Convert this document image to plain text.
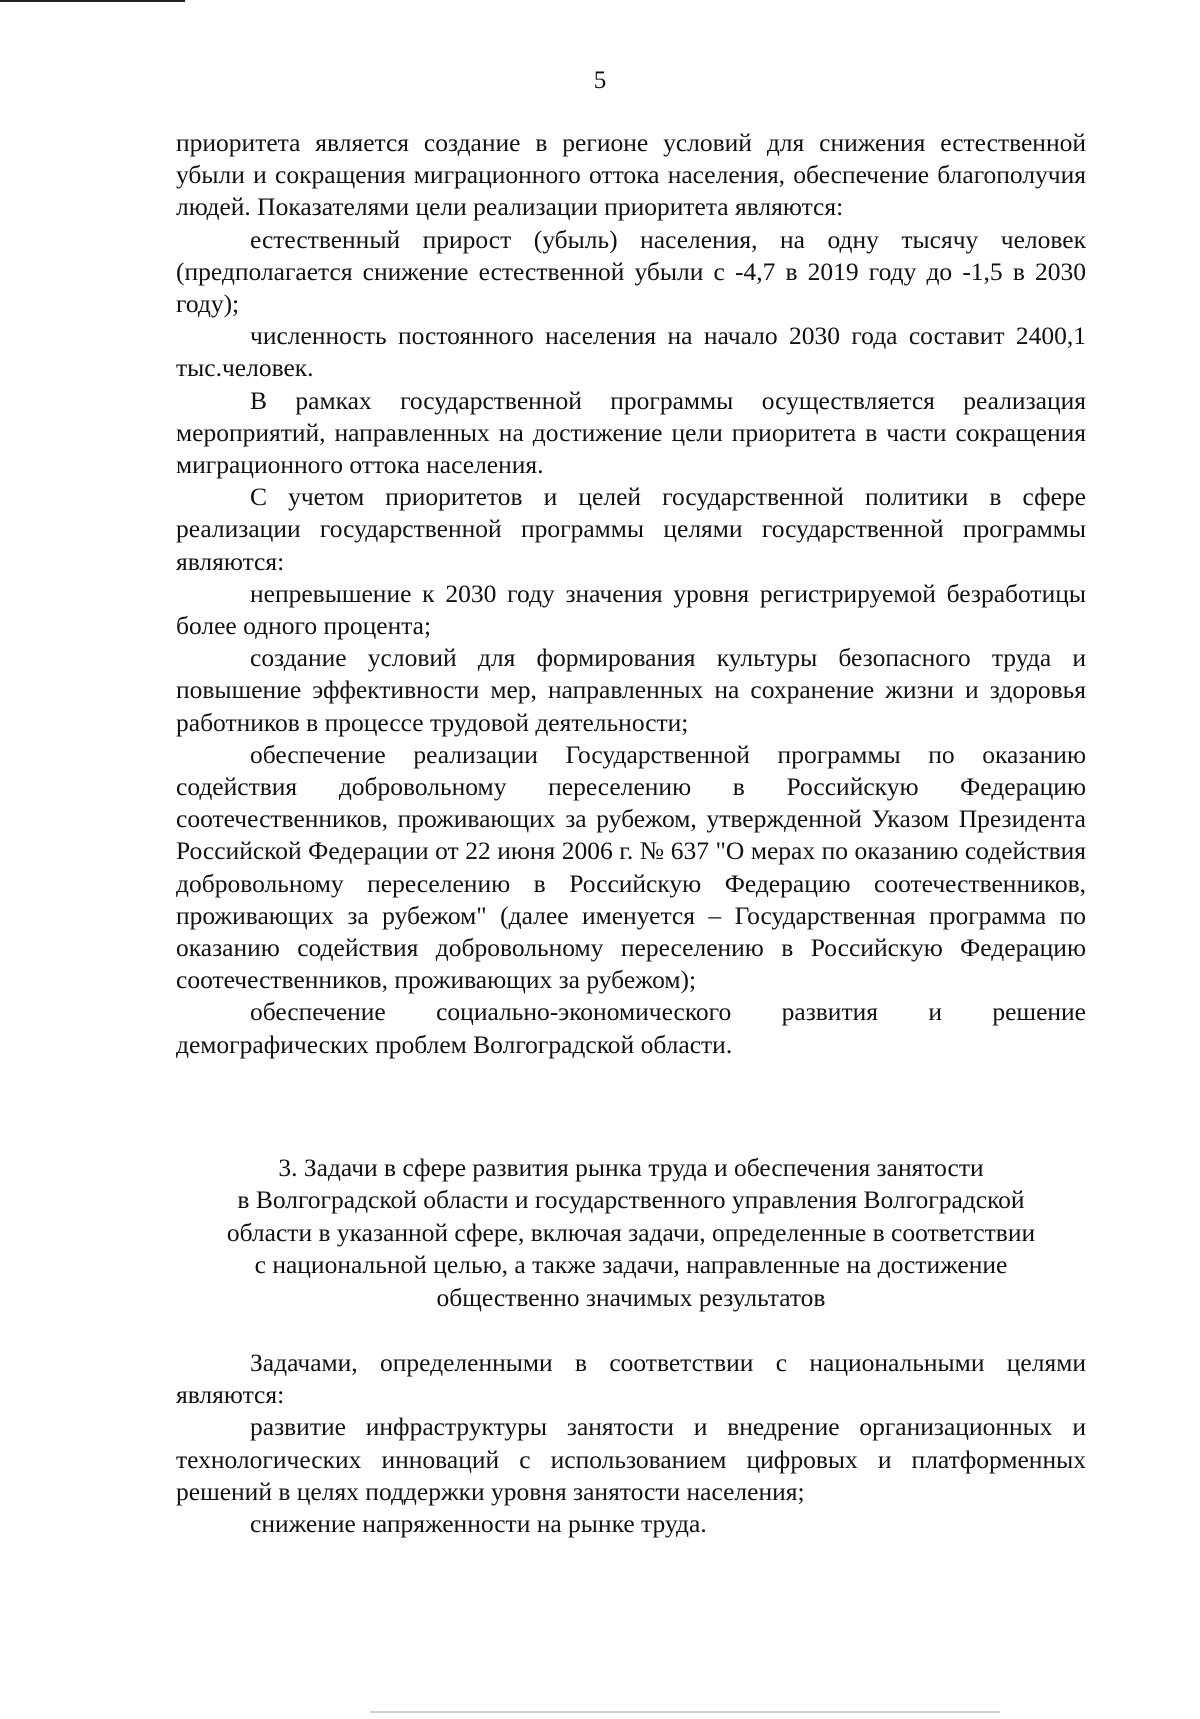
5

приоритета является создание в регионе условий для снижения естественной убыли и сокращения миграционного оттока населения, обеспечение благополучия людей. Показателями цели реализации приоритета являются:

естественный прирост (убыль) населения, на одну тысячу человек (предполагается снижение естественной убыли с -4,7 в 2019 году до -1,5 в 2030 году);

численность постоянного населения на начало 2030 года составит 2400,1 тыс.человек.

В рамках государственной программы осуществляется реализация мероприятий, направленных на достижение цели приоритета в части сокращения миграционного оттока населения.

С учетом приоритетов и целей государственной политики в сфере реализации государственной программы целями государственной программы являются:

непревышение к 2030 году значения уровня регистрируемой безработицы более одного процента;

создание условий для формирования культуры безопасного труда и повышение эффективности мер, направленных на сохранение жизни и здоровья работников в процессе трудовой деятельности;

обеспечение реализации Государственной программы по оказанию содействия добровольному переселению в Российскую Федерацию соотечественников, проживающих за рубежом, утвержденной Указом Президента Российской Федерации от 22 июня 2006 г. № 637 "О мерах по оказанию содействия добровольному переселению в Российскую Федерацию соотечественников, проживающих за рубежом" (далее именуется – Государственная программа по оказанию содействия добровольному переселению в Российскую Федерацию соотечественников, проживающих за рубежом);

обеспечение социально-экономического развития и решение демографических проблем Волгоградской области.

3. Задачи в сфере развития рынка труда и обеспечения занятости
в Волгоградской области и государственного управления Волгоградской
области в указанной сфере, включая задачи, определенные в соответствии
с национальной целью, а также задачи, направленные на достижение
общественно значимых результатов

Задачами, определенными в соответствии с национальными целями являются:

развитие инфраструктуры занятости и внедрение организационных и технологических инноваций с использованием цифровых и платформенных решений в целях поддержки уровня занятости населения;

снижение напряженности на рынке труда.
